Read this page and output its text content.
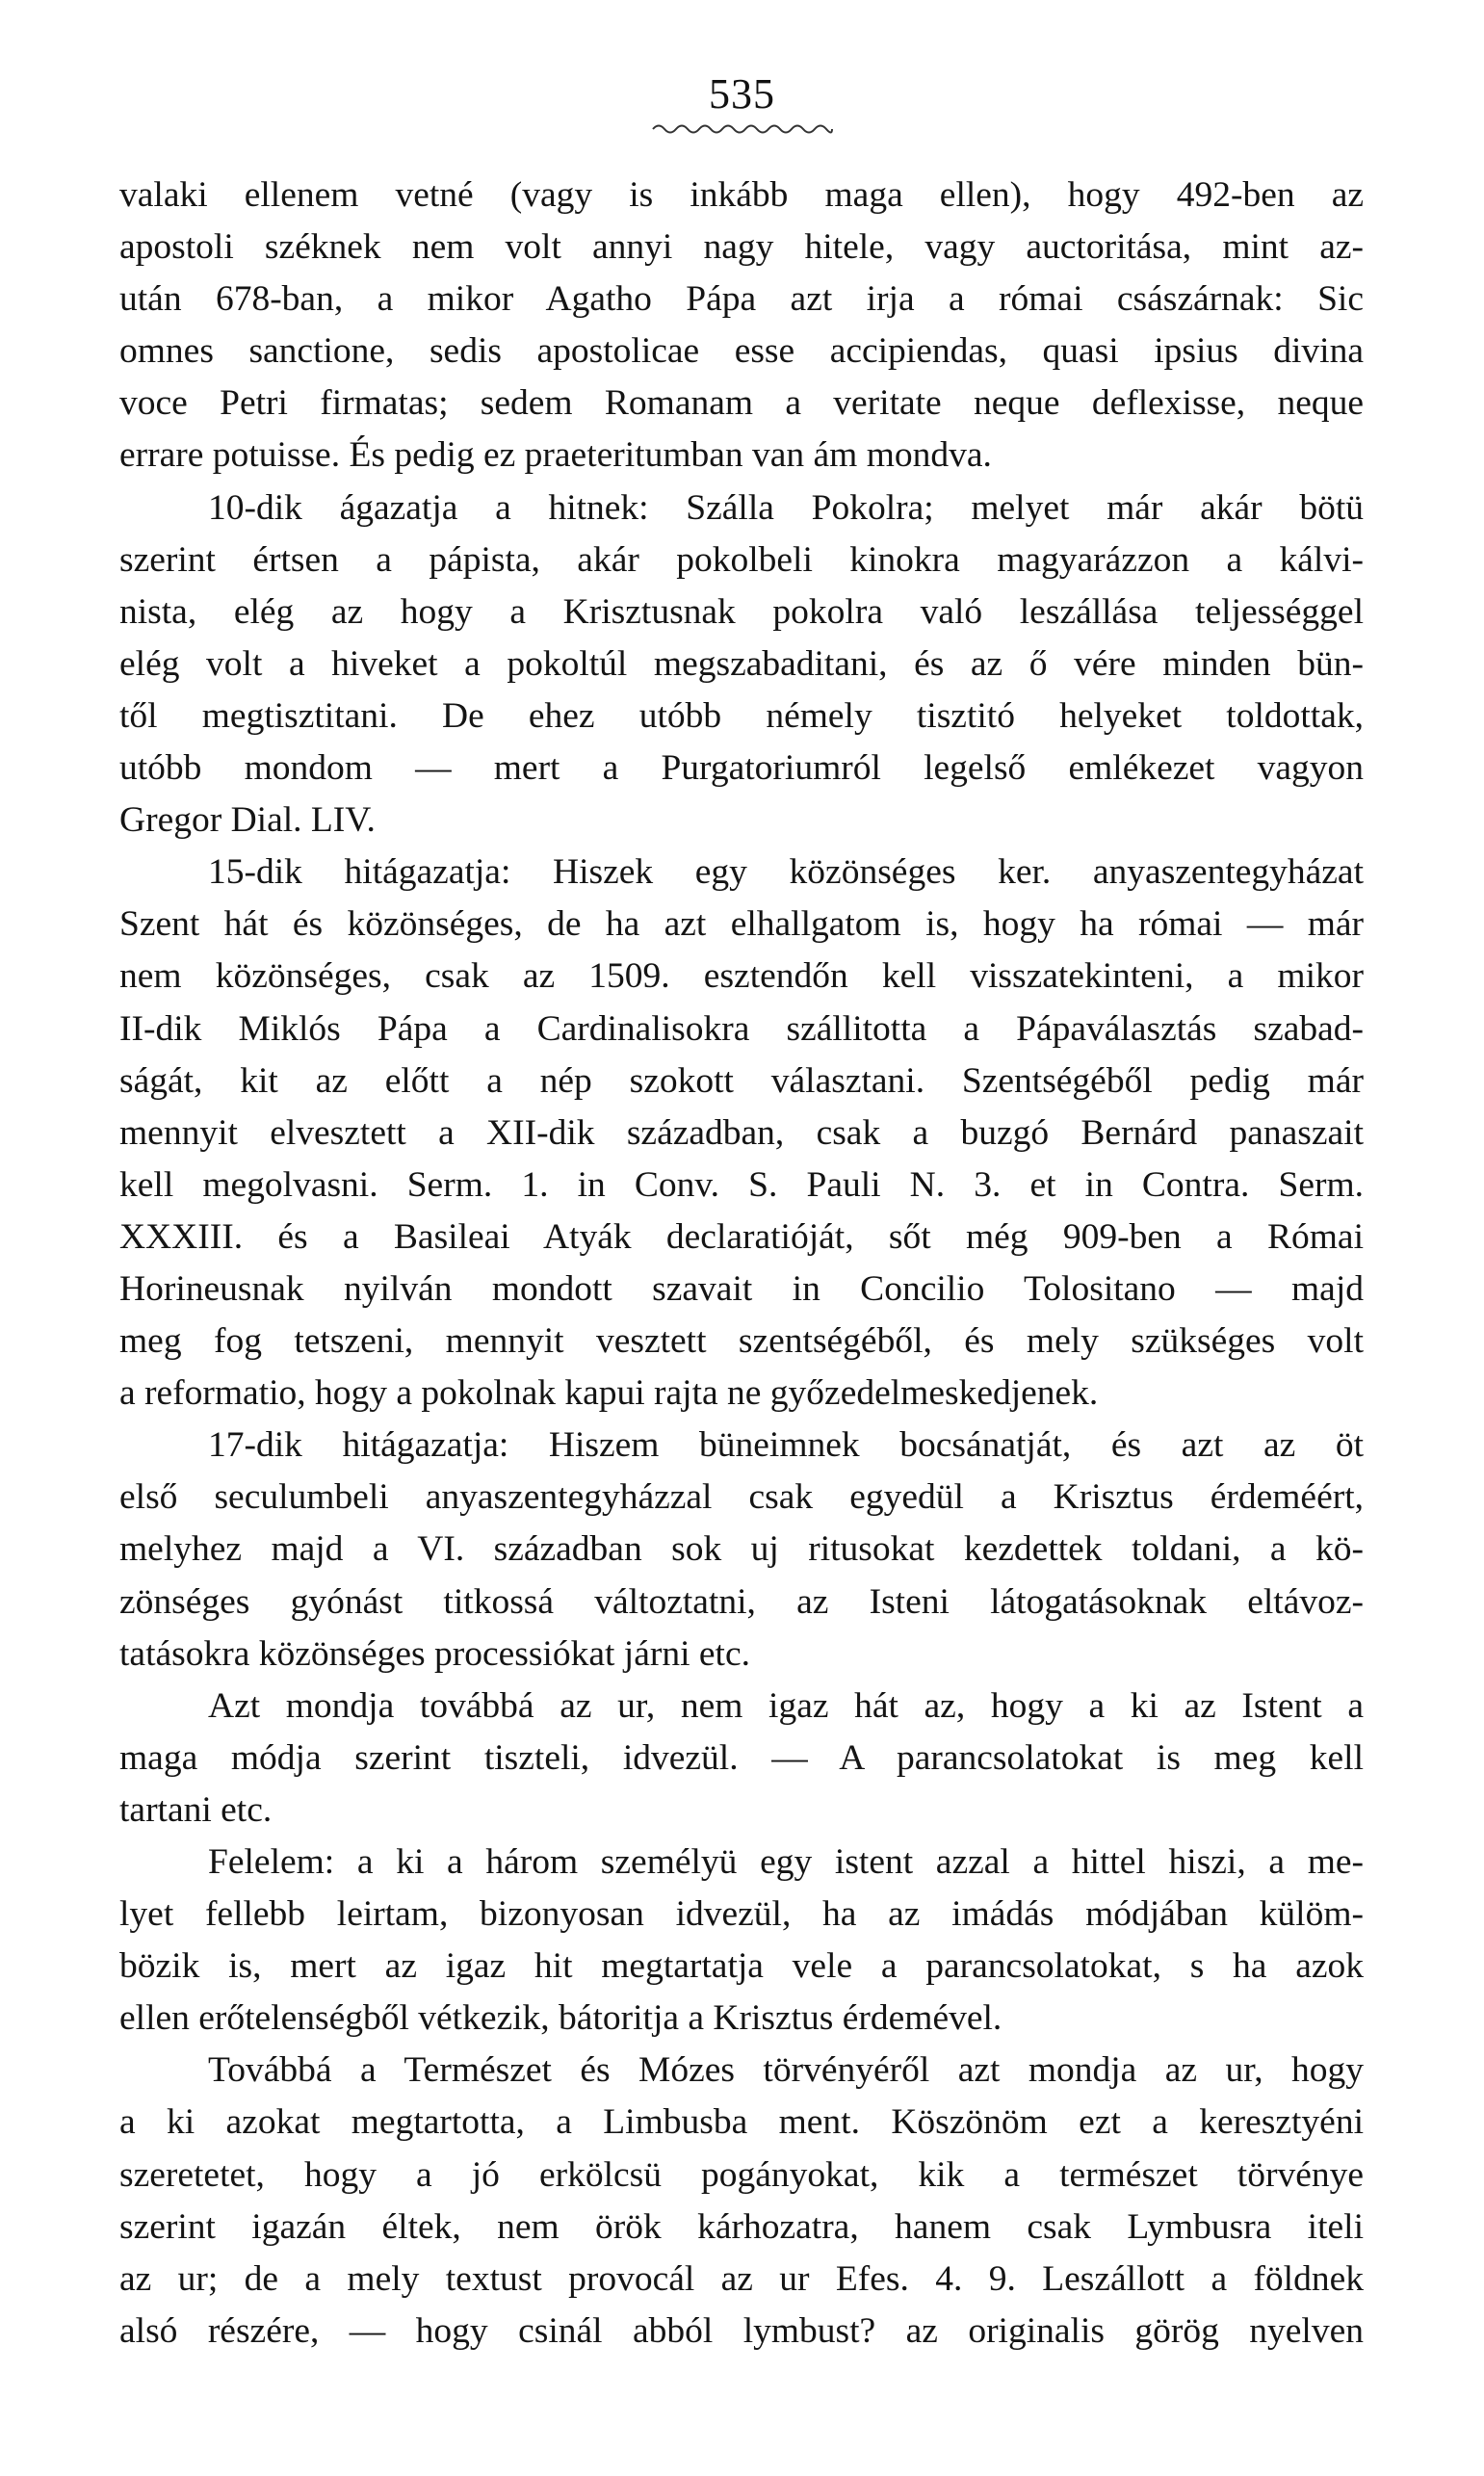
535
valaki ellenem vetné (vagy is inkább maga ellen), hogy 492-ben az
apostoli széknek nem volt annyi nagy hitele, vagy auctoritása, mint az-
után 678-ban, a mikor Agatho Pápa azt irja a római császárnak: Sic
omnes sanctione, sedis apostolicae esse accipiendas, quasi ipsius divina
voce Petri firmatas; sedem Romanam a veritate neque deflexisse, neque
errare potuisse. És pedig ez praeteritumban van ám mondva.
10-dik ágazatja a hitnek: Szálla Pokolra; melyet már akár bötü
szerint értsen a pápista, akár pokolbeli kinokra magyarázzon a kálvi-
nista, elég az hogy a Krisztusnak pokolra való leszállása teljességgel
elég volt a hiveket a pokoltúl megszabaditani, és az ő vére minden bün-
től megtisztitani. De ehez utóbb némely tisztitó helyeket toldottak,
utóbb mondom — mert a Purgatoriumról legelső emlékezet vagyon
Gregor Dial. LIV.
15-dik hitágazatja: Hiszek egy közönséges ker. anyaszentegyházat
Szent hát és közönséges, de ha azt elhallgatom is, hogy ha római — már
nem közönséges, csak az 1509. esztendőn kell visszatekinteni, a mikor
II-dik Miklós Pápa a Cardinalisokra szállitotta a Pápaválasztás szabad-
ságát, kit az előtt a nép szokott választani. Szentségéből pedig már
mennyit elvesztett a XII-dik században, csak a buzgó Bernárd panaszait
kell megolvasni. Serm. 1. in Conv. S. Pauli N. 3. et in Contra. Serm.
XXXIII. és a Basileai Atyák declaratióját, sőt még 909-ben a Római
Horineusnak nyilván mondott szavait in Concilio Tolositano — majd
meg fog tetszeni, mennyit vesztett szentségéből, és mely szükséges volt
a reformatio, hogy a pokolnak kapui rajta ne győzedelmeskedjenek.
17-dik hitágazatja: Hiszem büneimnek bocsánatját, és azt az öt
első seculumbeli anyaszentegyházzal csak egyedül a Krisztus érdeméért,
melyhez majd a VI. században sok uj ritusokat kezdettek toldani, a kö-
zönséges gyónást titkossá változtatni, az Isteni látogatásoknak eltávoz-
tatásokra közönséges processiókat járni etc.
Azt mondja továbbá az ur, nem igaz hát az, hogy a ki az Istent a
maga módja szerint tiszteli, idvezül. — A parancsolatokat is meg kell
tartani etc.
Felelem: a ki a három személyü egy istent azzal a hittel hiszi, a me-
lyet fellebb leirtam, bizonyosan idvezül, ha az imádás módjában külöm-
bözik is, mert az igaz hit megtartatja vele a parancsolatokat, s ha azok
ellen erőtelenségből vétkezik, bátoritja a Krisztus érdemével.
Továbbá a Természet és Mózes törvényéről azt mondja az ur, hogy
a ki azokat megtartotta, a Limbusba ment. Köszönöm ezt a keresztyéni
szeretetet, hogy a jó erkölcsü pogányokat, kik a természet törvénye
szerint igazán éltek, nem örök kárhozatra, hanem csak Lymbusra iteli
az ur; de a mely textust provocál az ur Efes. 4. 9. Leszállott a földnek
alsó részére, — hogy csinál abból lymbust? az originalis görög nyelven
